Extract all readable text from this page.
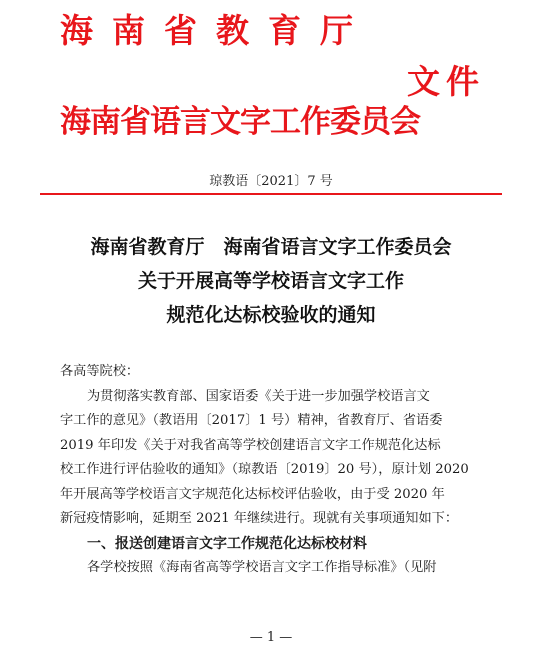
海南省教育厅
文件
海南省语言文字工作委员会
琼教语〔2021〕7 号
海南省教育厅　海南省语言文字工作委员会
关于开展高等学校语言文字工作
规范化达标校验收的通知

各高等院校：

为贯彻落实教育部、国家语委《关于进一步加强学校语言文

字工作的意见》（教语用〔2017〕1 号）精神，省教育厅、省语委

2019 年印发《关于对我省高等学校创建语言文字工作规范化达标

校工作进行评估验收的通知》（琼教语〔2019〕20 号），原计划 2020

年开展高等学校语言文字规范化达标校评估验收，由于受 2020 年

新冠疫情影响，延期至 2021 年继续进行。现就有关事项通知如下：

一、报送创建语言文字工作规范化达标校材料

各学校按照《海南省高等学校语言文字工作指导标准》（见附

— 1 —
